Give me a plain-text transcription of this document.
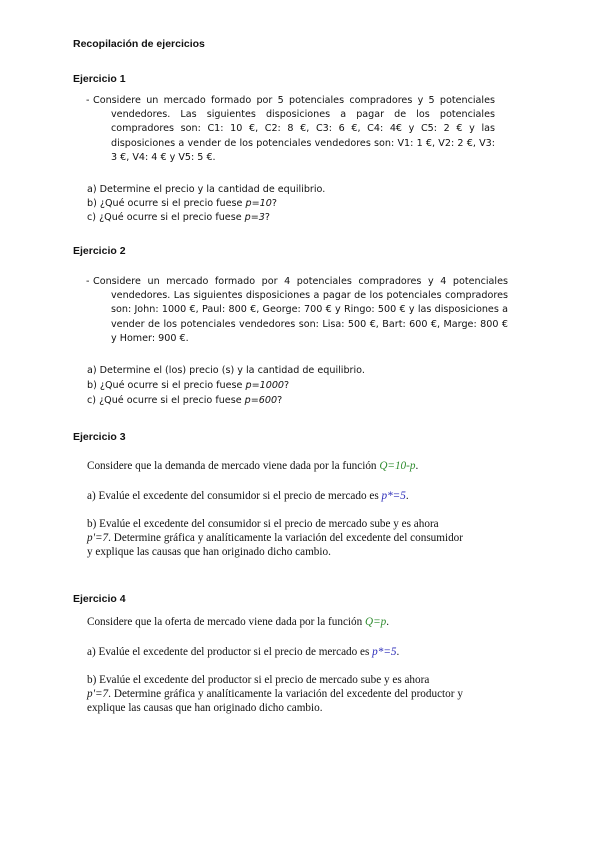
Recopilación de ejercicios
Ejercicio 1
- Considere un mercado formado por 5 potenciales compradores y 5 potenciales vendedores. Las siguientes disposiciones a pagar de los potenciales compradores son: C1: 10 €, C2: 8 €, C3: 6 €, C4: 4€ y C5: 2 € y las disposiciones a vender de los potenciales vendedores son: V1: 1 €, V2: 2 €, V3: 3 €, V4: 4 € y V5: 5 €.
a) Determine el precio y la cantidad de equilibrio.
b) ¿Qué ocurre si el precio fuese p=10?
c) ¿Qué ocurre si el precio fuese p=3?
Ejercicio 2
- Considere un mercado formado por 4 potenciales compradores y 4 potenciales vendedores. Las siguientes disposiciones a pagar de los potenciales compradores son: John: 1000 €, Paul: 800 €, George: 700 € y Ringo: 500 € y las disposiciones a vender de los potenciales vendedores son: Lisa: 500 €, Bart: 600 €, Marge: 800 € y Homer: 900 €.
a) Determine el (los) precio (s) y la cantidad de equilibrio.
b) ¿Qué ocurre si el precio fuese p=1000?
c) ¿Qué ocurre si el precio fuese p=600?
Ejercicio 3
Considere que la demanda de mercado viene dada por la función Q=10-p.
a) Evalúe el excedente del consumidor si el precio de mercado es p*=5.
b) Evalúe el excedente del consumidor si el precio de mercado sube y es ahora
p'=7. Determine gráfica y analíticamente la variación del excedente del consumidor y explique las causas que han originado dicho cambio.
Ejercicio 4
Considere que la oferta de mercado viene dada por la función Q=p.
a) Evalúe el excedente del productor si el precio de mercado es p*=5.
b) Evalúe el excedente del productor si el precio de mercado sube y es ahora
p'=7. Determine gráfica y analíticamente la variación del excedente del productor y explique las causas que han originado dicho cambio.
